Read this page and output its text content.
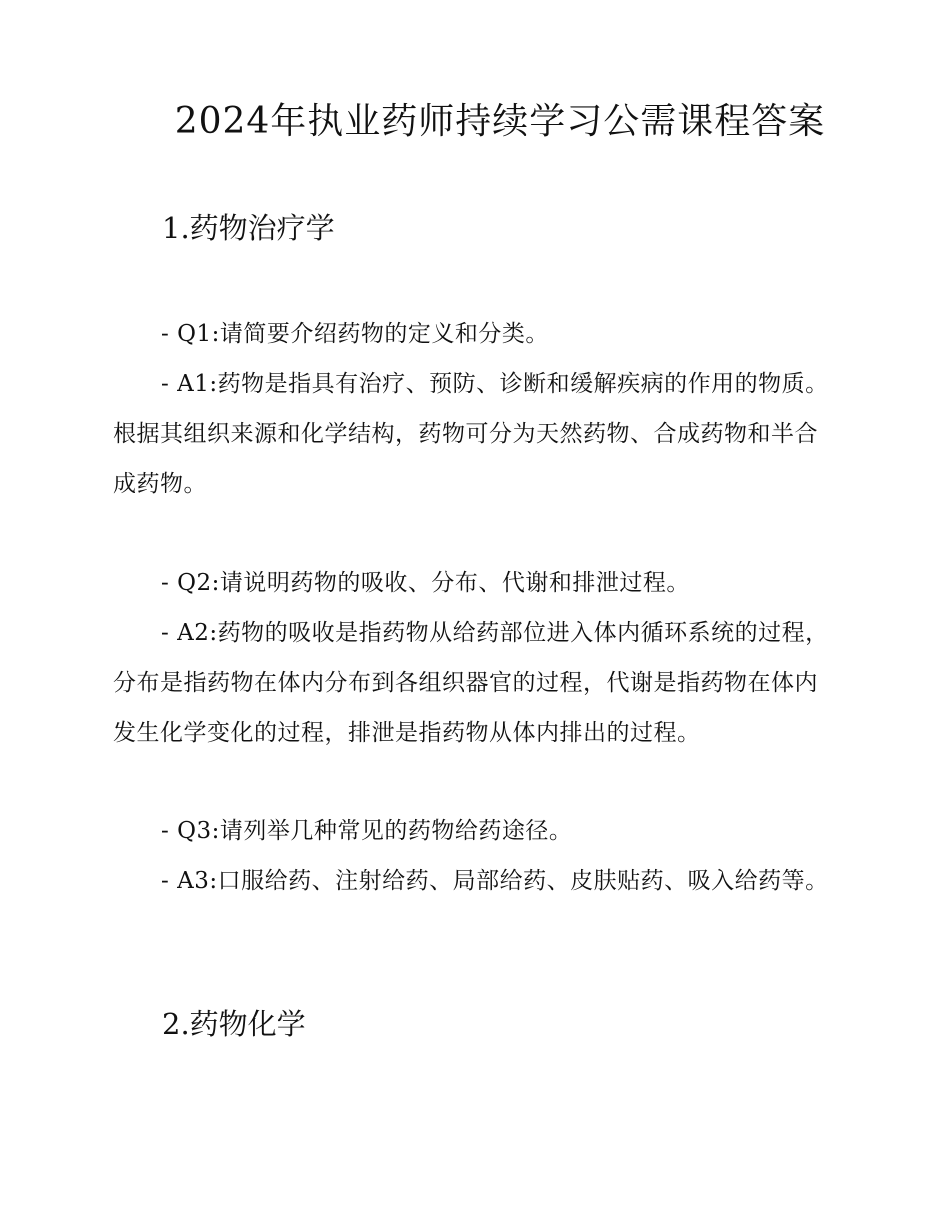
2024年执业药师持续学习公需课程答案
1.药物治疗学

- Q1:请简要介绍药物的定义和分类。

- A1:药物是指具有治疗、预防、诊断和缓解疾病的作用的物质。根据其组织来源和化学结构，药物可分为天然药物、合成药物和半合成药物。

- Q2:请说明药物的吸收、分布、代谢和排泄过程。

- A2:药物的吸收是指药物从给药部位进入体内循环系统的过程，分布是指药物在体内分布到各组织器官的过程，代谢是指药物在体内发生化学变化的过程，排泄是指药物从体内排出的过程。

- Q3:请列举几种常见的药物给药途径。

- A3:口服给药、注射给药、局部给药、皮肤贴药、吸入给药等。

2.药物化学
